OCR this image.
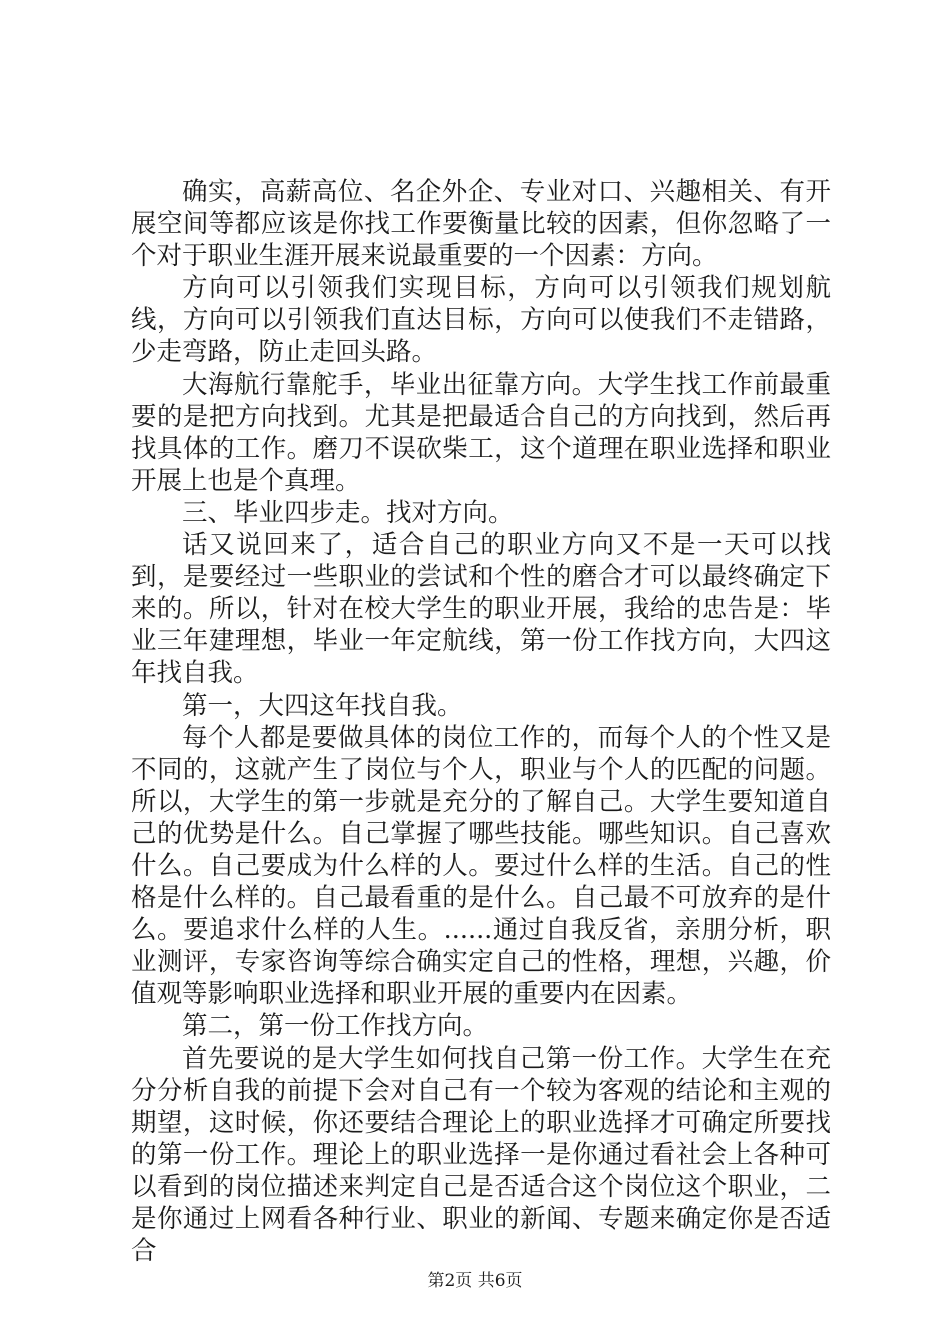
确实，高薪高位、名企外企、专业对口、兴趣相关、有开展空间等都应该是你找工作要衡量比较的因素，但你忽略了一个对于职业生涯开展来说最重要的一个因素：方向。

方向可以引领我们实现目标，方向可以引领我们规划航线，方向可以引领我们直达目标，方向可以使我们不走错路，少走弯路，防止走回头路。

大海航行靠舵手，毕业出征靠方向。大学生找工作前最重要的是把方向找到。尤其是把最适合自己的方向找到，然后再找具体的工作。磨刀不误砍柴工，这个道理在职业选择和职业开展上也是个真理。

三、毕业四步走。找对方向。

话又说回来了，适合自己的职业方向又不是一天可以找到，是要经过一些职业的尝试和个性的磨合才可以最终确定下来的。所以，针对在校大学生的职业开展，我给的忠告是：毕业三年建理想，毕业一年定航线，第一份工作找方向，大四这年找自我。

第一，大四这年找自我。

每个人都是要做具体的岗位工作的，而每个人的个性又是不同的，这就产生了岗位与个人，职业与个人的匹配的问题。所以，大学生的第一步就是充分的了解自己。大学生要知道自己的优势是什么。自己掌握了哪些技能。哪些知识。自己喜欢什么。自己要成为什么样的人。要过什么样的生活。自己的性格是什么样的。自己最看重的是什么。自己最不可放弃的是什么。要追求什么样的人生。......通过自我反省，亲朋分析，职业测评，专家咨询等综合确实定自己的性格，理想，兴趣，价值观等影响职业选择和职业开展的重要内在因素。

第二，第一份工作找方向。

首先要说的是大学生如何找自己第一份工作。大学生在充分分析自我的前提下会对自己有一个较为客观的结论和主观的期望，这时候，你还要结合理论上的职业选择才可确定所要找的第一份工作。理论上的职业选择一是你通过看社会上各种可以看到的岗位描述来判定自己是否适合这个岗位这个职业，二是你通过上网看各种行业、职业的新闻、专题来确定你是否适合

第2页 共6页
